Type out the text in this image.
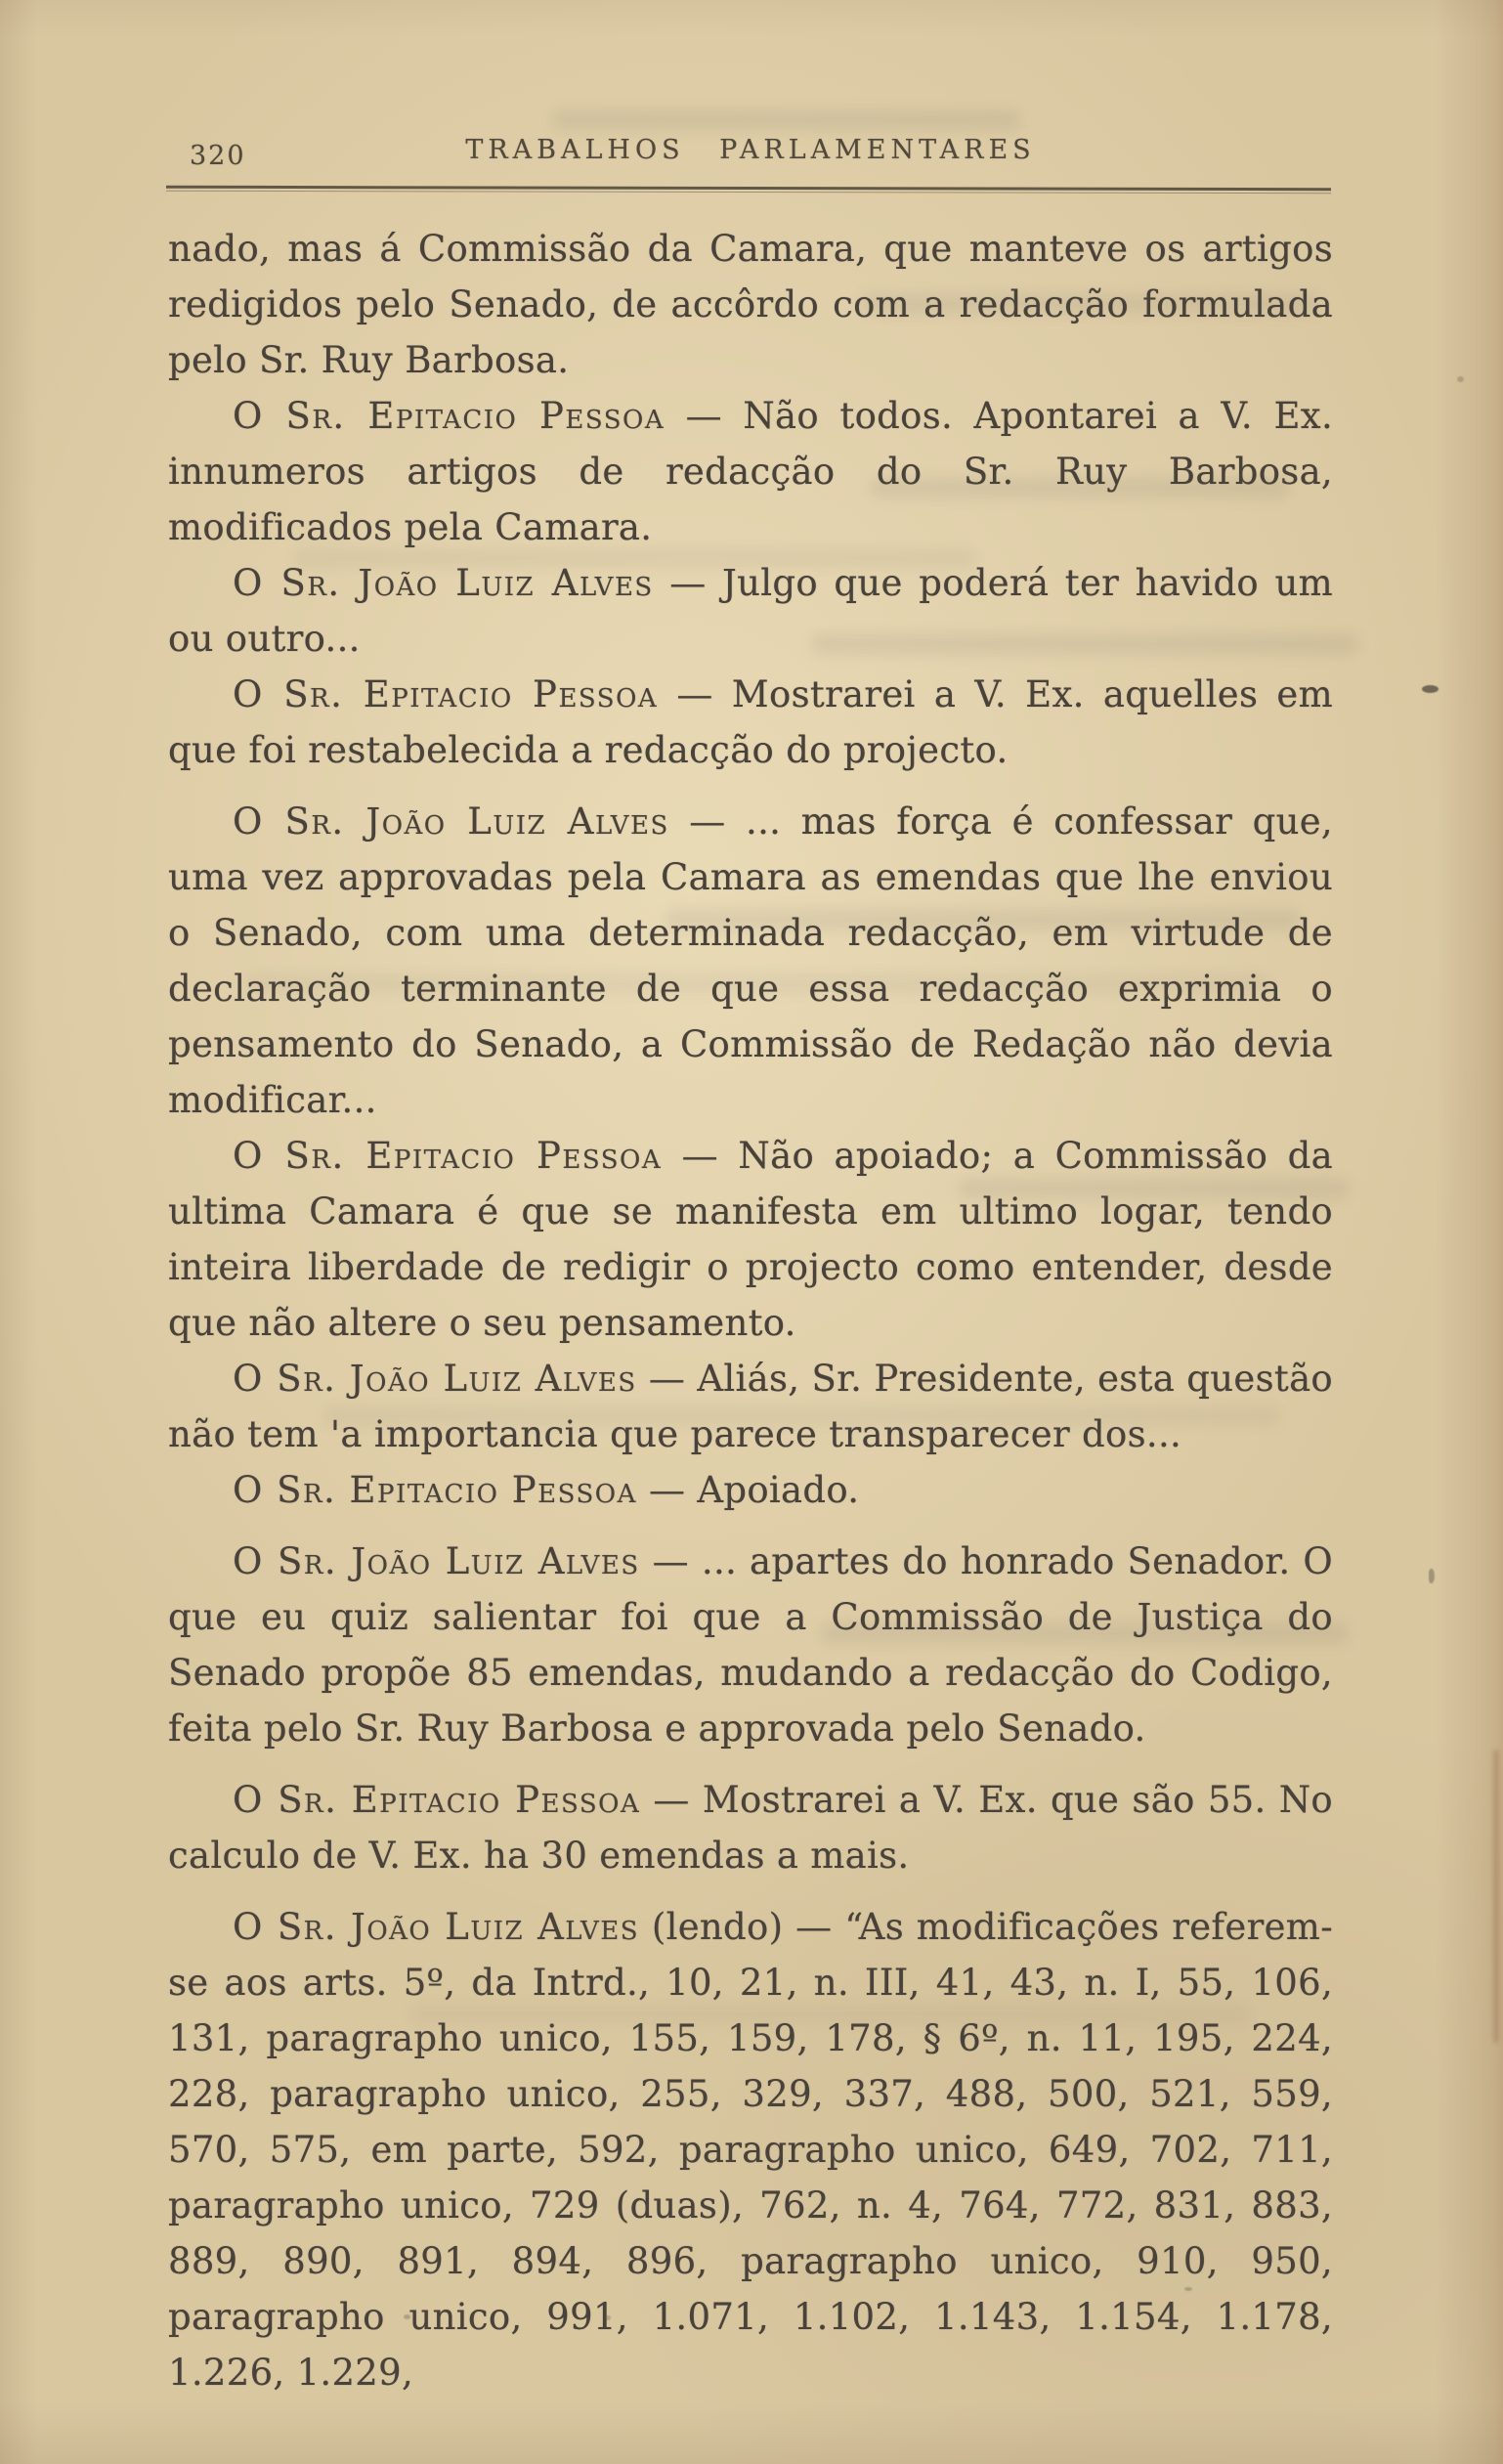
320	TRABALHOS PARLAMENTARES

nado, mas á Commissão da Camara, que manteve os artigos redigidos pelo Senado, de accôrdo com a redacção formulada pelo Sr. Ruy Barbosa.

O Sr. Epitacio Pessoa — Não todos. Apontarei a V. Ex. innumeros artigos de redacção do Sr. Ruy Barbosa, modificados pela Camara.

O Sr. João Luiz Alves — Julgo que poderá ter havido um ou outro...

O Sr. Epitacio Pessoa — Mostrarei a V. Ex. aquelles em que foi restabelecida a redacção do projecto.

O Sr. João Luiz Alves — ... mas força é confessar que, uma vez approvadas pela Camara as emendas que lhe enviou o Senado, com uma determinada redacção, em virtude de declaração terminante de que essa redacção exprimia o pensamento do Senado, a Commissão de Redação não devia modificar...

O Sr. Epitacio Pessoa — Não apoiado; a Commissão da ultima Camara é que se manifesta em ultimo logar, tendo inteira liberdade de redigir o projecto como entender, desde que não altere o seu pensamento.

O Sr. João Luiz Alves — Aliás, Sr. Presidente, esta questão não tem 'a importancia que parece transparecer dos...

O Sr. Epitacio Pessoa — Apoiado.

O Sr. João Luiz Alves — ... apartes do honrado Senador. O que eu quiz salientar foi que a Commissão de Justiça do Senado propõe 85 emendas, mudando a redacção do Codigo, feita pelo Sr. Ruy Barbosa e approvada pelo Senado.

O Sr. Epitacio Pessoa — Mostrarei a V. Ex. que são 55. No calculo de V. Ex. ha 30 emendas a mais.

O Sr. João Luiz Alves (lendo) — “As modificações referem-se aos arts. 5º, da Intrd., 10, 21, n. III, 41, 43, n. I, 55, 106, 131, paragrapho unico, 155, 159, 178, § 6º, n. 11, 195, 224, 228, paragrapho unico, 255, 329, 337, 488, 500, 521, 559, 570, 575, em parte, 592, paragrapho unico, 649, 702, 711, paragrapho unico, 729 (duas), 762, n. 4, 764, 772, 831, 883, 889, 890, 891, 894, 896, paragrapho unico, 910, 950, paragrapho unico, 991, 1.071, 1.102, 1.143, 1.154, 1.178, 1.226, 1.229,
